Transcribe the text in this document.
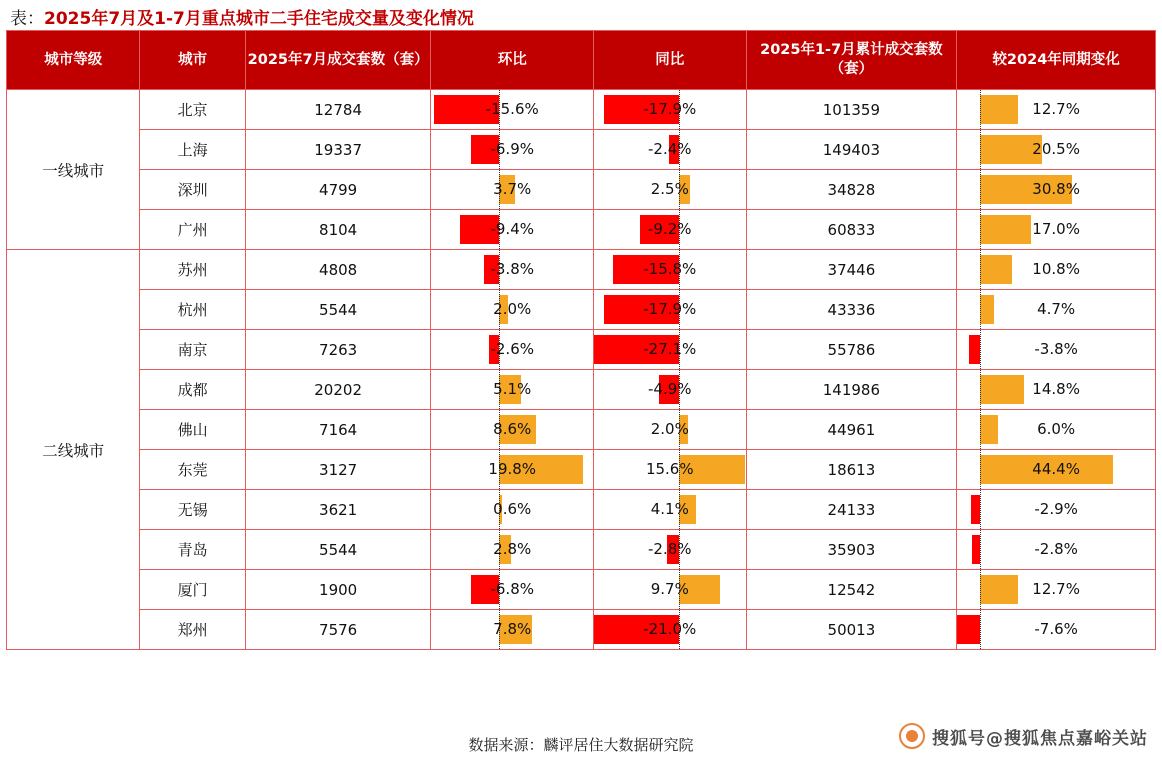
表： 2025年7月及1-7月重点城市二手住宅成交量及变化情况
城市等级	城市	2025年7月成交套数（套）	环比	同比	2025年1-7月累计成交套数（套）	较2024年同期变化
一线城市	北京	12784	-15.6%	-17.9%	101359	12.7%

	上海	19337	-6.9%	-2.4%	149403	20.5%

	深圳	4799	3.7%	2.5%	34828	30.8%

	广州	8104	-9.4%	-9.2%	60833	17.0%

二线城市	苏州	4808	-3.8%	-15.8%	37446	10.8%

	杭州	5544	2.0%	-17.9%	43336	4.7%

	南京	7263	-2.6%	-27.1%	55786	-3.8%

	成都	20202	5.1%	-4.9%	141986	14.8%

	佛山	7164	8.6%	2.0%	44961	6.0%

	东莞	3127	19.8%	15.6%	18613	44.4%

	无锡	3621	0.6%	4.1%	24133	-2.9%

	青岛	5544	2.8%	-2.8%	35903	-2.8%

	厦门	1900	-6.8%	9.7%	12542	12.7%

	郑州	7576	7.8%	-21.0%	50013	-7.6%
数据来源：麟评居住大数据研究院	搜狐号@搜狐焦点嘉峪关站
